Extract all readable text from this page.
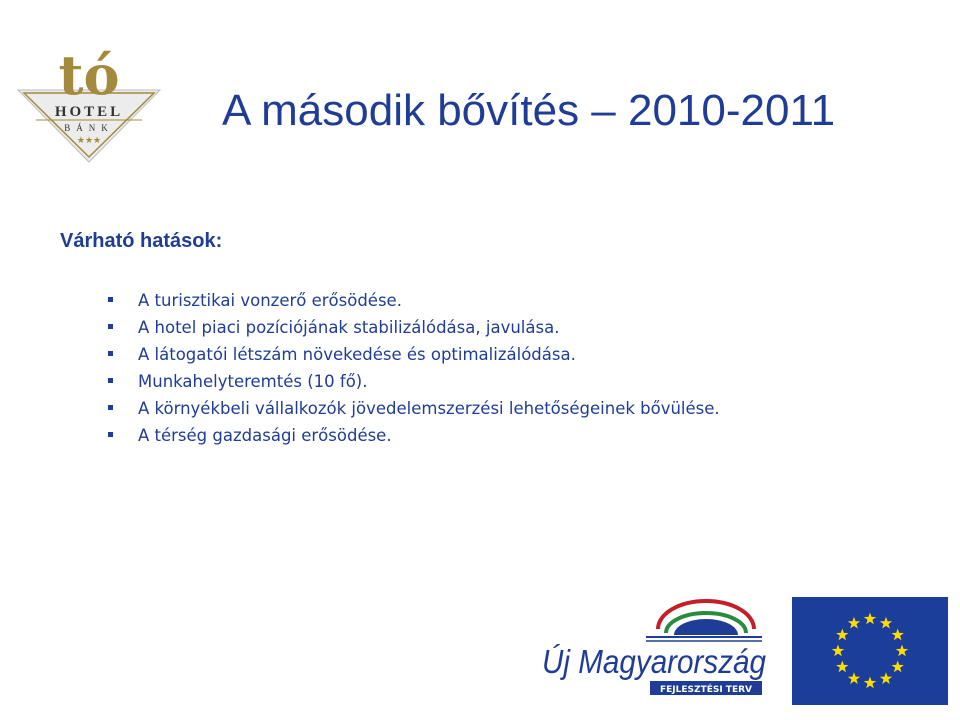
tó
HOTEL
BÁNK
★★★
A második bővítés – 2010-2011
Várható hatások:
A turisztikai vonzerő erősödése.
A hotel piaci pozíciójának stabilizálódása, javulása.
A látogatói létszám növekedése és optimalizálódása.
Munkahelyteremtés (10 fő).
A környékbeli vállalkozók jövedelemszerzési lehetőségeinek bővülése.
A térség gazdasági erősödése.
Új Magyarország
FEJLESZTÉSI TERV
